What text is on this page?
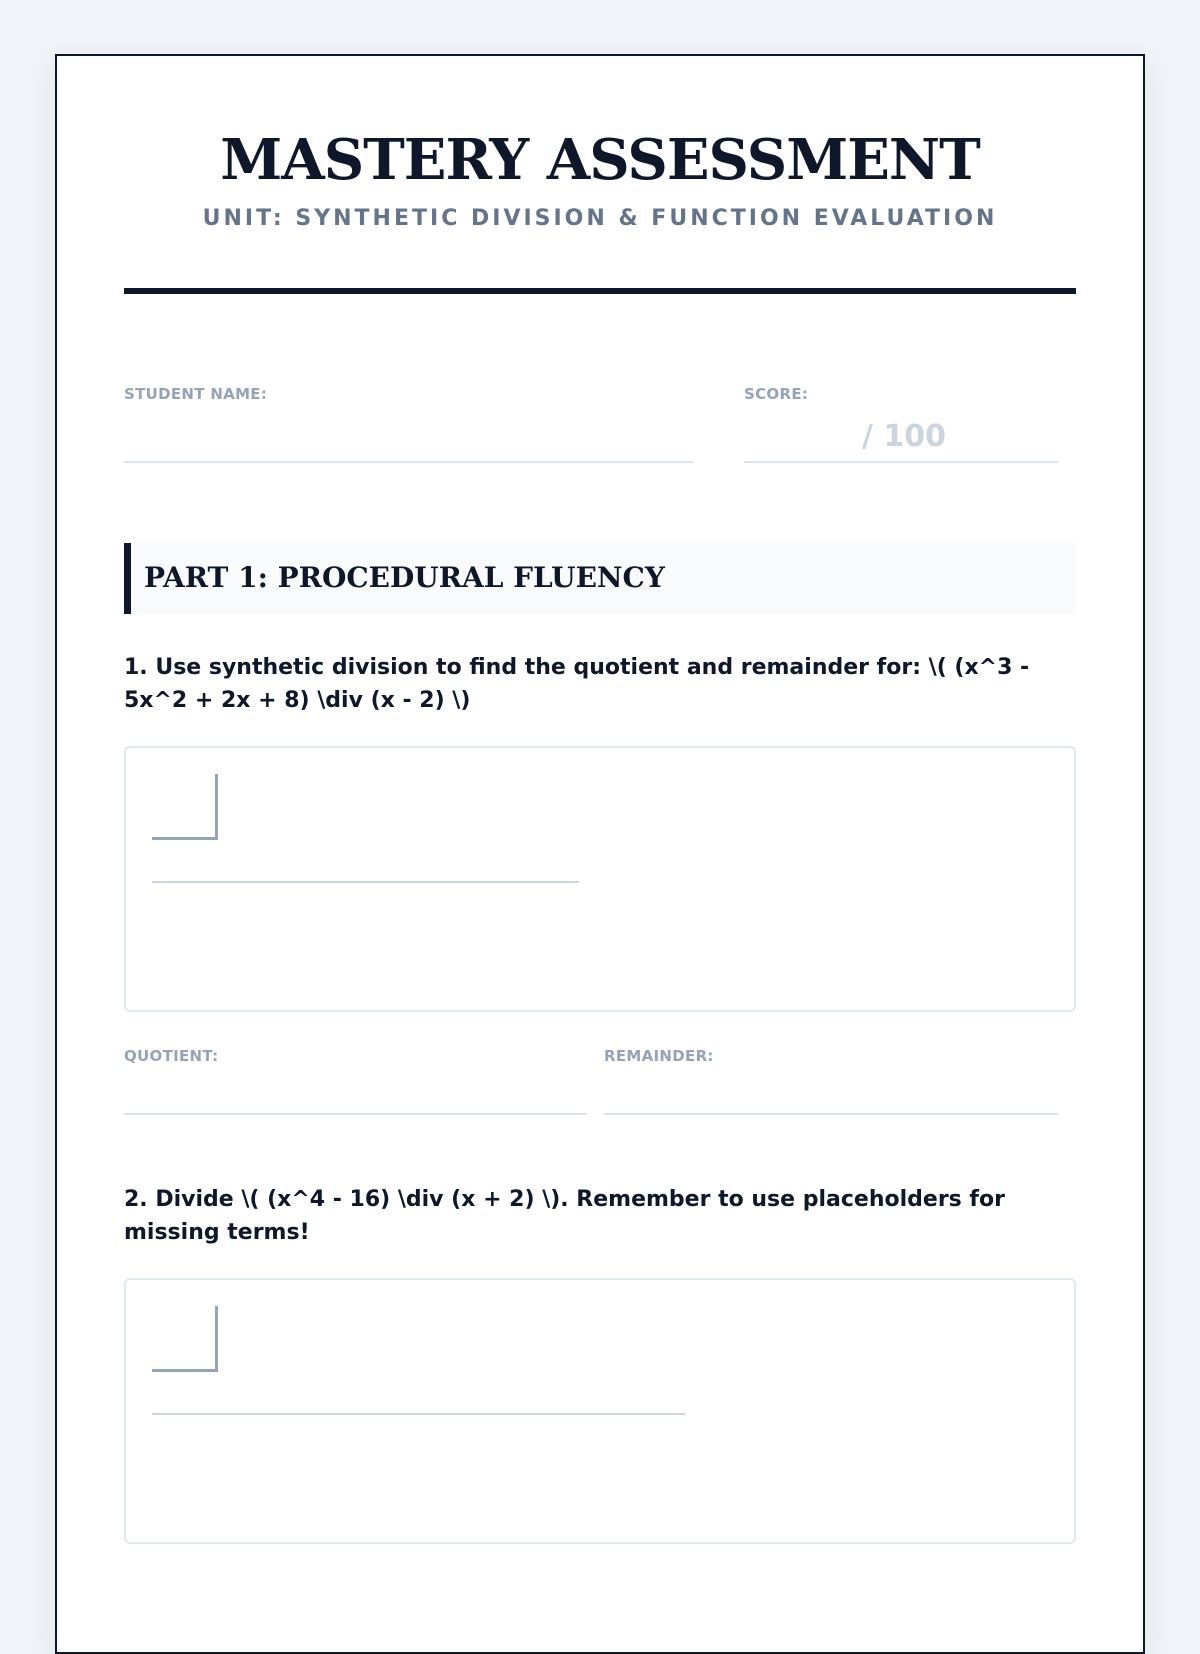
MASTERY ASSESSMENT
UNIT: SYNTHETIC DIVISION & FUNCTION EVALUATION
STUDENT NAME:	SCORE:
/ 100
PART 1: PROCEDURAL FLUENCY
1. Use synthetic division to find the quotient and remainder for: \( (x^3 - 5x^2 + 2x + 8) \div (x - 2) \)
QUOTIENT:	REMAINDER:
2. Divide \( (x^4 - 16) \div (x + 2) \). Remember to use placeholders for missing terms!
